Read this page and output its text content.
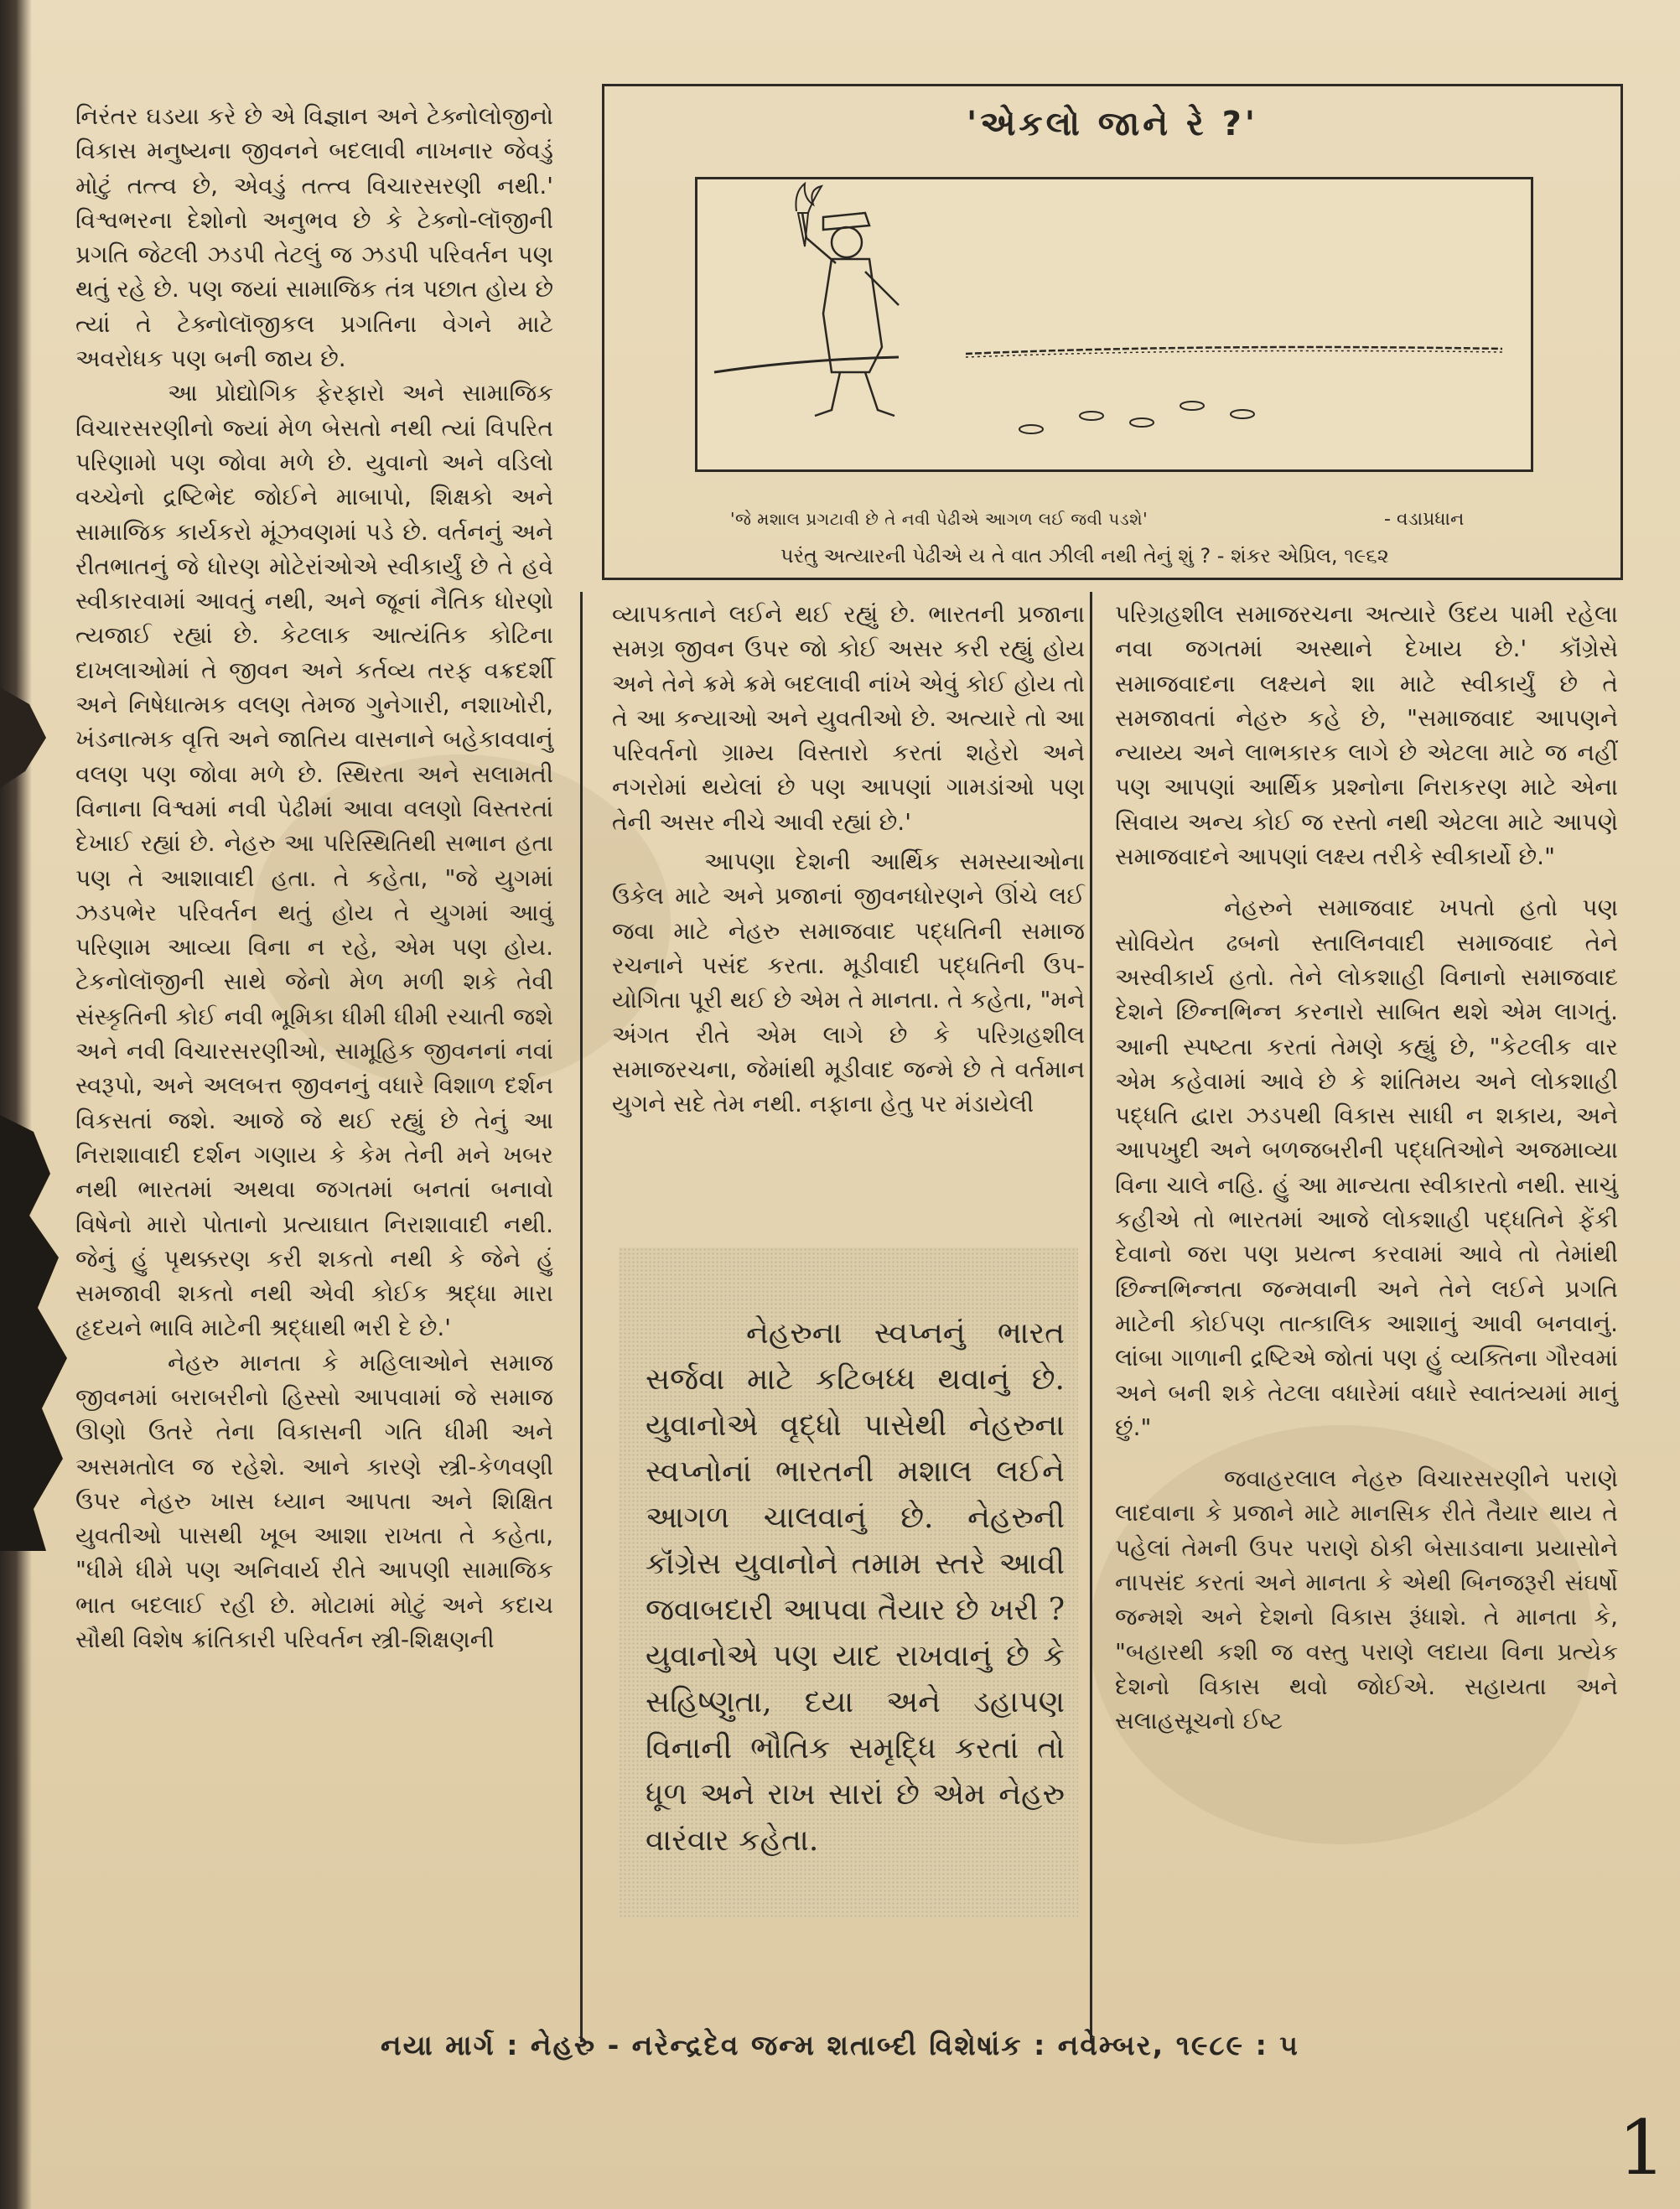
નિરંતર ઘડયા કરે છે એ વિજ્ઞાન અને ટેક્નોલોજીનો વિકાસ મનુષ્યના જીવનને બદલાવી નાખનાર જેવડું મોટું તત્ત્વ છે, એવડું તત્ત્વ વિચારસરણી નથી.' વિશ્વભરના દેશોનો અનુભવ છે કે ટેક્નો-લૉજીની પ્રગતિ જેટલી ઝડપી તેટલું જ ઝડપી પરિવર્તન પણ થતું રહે છે. પણ જયાં સામાજિક તંત્ર પછાત હોય છે ત્યાં તે ટેક્નોલૉજીકલ પ્રગતિના વેગને માટે અવરોધક પણ બની જાય છે.

આ પ્રોદ્યોગિક ફેરફારો અને સામાજિક વિચારસરણીનો જ્યાં મેળ બેસતો નથી ત્યાં વિપરિત પરિણામો પણ જોવા મળે છે. યુવાનો અને વડિલો વચ્ચેનો દ્રષ્ટિભેદ જોઈને માબાપો, શિક્ષકો અને સામાજિક કાર્યકરો મૂંઝવણમાં પડે છે. વર્તનનું અને રીતભાતનું જે ધોરણ મોટેરાંઓએ સ્વીકાર્યું છે તે હવે સ્વીકારવામાં આવતું નથી, અને જૂનાં નૈતિક ધોરણો ત્યજાઈ રહ્યાં છે. કેટલાક આત્યંતિક કોટિના દાખલાઓમાં તે જીવન અને કર્તવ્ય તરફ વક્રદર્શી અને નિષેધાત્મક વલણ તેમજ ગુનેગારી, નશાખોરી, ખંડનાત્મક વૃત્તિ અને જાતિય વાસનાને બહેકાવવાનું વલણ પણ જોવા મળે છે. સ્થિરતા અને સલામતી વિનાના વિશ્વમાં નવી પેઢીમાં આવા વલણો વિસ્તરતાં દેખાઈ રહ્યાં છે. નેહરુ આ પરિસ્થિતિથી સભાન હતા પણ તે આશાવાદી હતા. તે કહેતા, "જે યુગમાં ઝડપભેર પરિવર્તન થતું હોય તે યુગમાં આવું પરિણામ આવ્યા વિના ન રહે, એમ પણ હોય. ટેકનોલૉજીની સાથે જેનો મેળ મળી શકે તેવી સંસ્કૃતિની કોઈ નવી ભૂમિકા ધીમી ધીમી રચાતી જશે અને નવી વિચારસરણીઓ, સામૂહિક જીવનનાં નવાં સ્વરૂપો, અને અલબત્ત જીવનનું વધારે વિશાળ દર્શન વિકસતાં જશે. આજે જે થઈ રહ્યું છે તેનું આ નિરાશાવાદી દર્શન ગણાય કે કેમ તેની મને ખબર નથી ભારતમાં અથવા જગતમાં બનતાં બનાવો વિષેનો મારો પોતાનો પ્રત્યાઘાત નિરાશાવાદી નથી. જેનું હું પૃથક્કરણ કરી શકતો નથી કે જેને હું સમજાવી શકતો નથી એવી કોઈક શ્રદ્ધા મારા હૃદયને ભાવિ માટેની શ્રદ્ધાથી ભરી દે છે.'

નેહરુ માનતા કે મહિલાઓને સમાજ જીવનમાં બરાબરીનો હિસ્સો આપવામાં જે સમાજ ઊણો ઉતરે તેના વિકાસની ગતિ ધીમી અને અસમતોલ જ રહેશે. આને કારણે સ્ત્રી-કેળવણી ઉપર નેહરુ ખાસ ધ્યાન આપતા અને શિક્ષિત યુવતીઓ પાસથી ખૂબ આશા રાખતા તે કહેતા, "ધીમે ધીમે પણ અનિવાર્ય રીતે આપણી સામાજિક ભાત બદલાઈ રહી છે. મોટામાં મોટું અને કદાચ સૌથી વિશેષ ક્રાંતિકારી પરિવર્તન સ્ત્રી-શિક્ષણની

'એકલો જાને રે ?'
'જે મશાલ પ્રગટાવી છે તે નવી પેઢીએ આગળ લઈ જવી પડશે'	- વડાપ્રધાન
પરંતુ અત્યારની પેઢીએ ય તે વાત ઝીલી નથી તેનું શું ? - શંકર એપ્રિલ, ૧૯૬૨

વ્યાપકતાને લઈને થઈ રહ્યું છે. ભારતની પ્રજાના સમગ્ર જીવન ઉપર જો કોઈ અસર કરી રહ્યું હોય અને તેને ક્રમે ક્રમે બદલાવી નાંખે એવું કોઈ હોય તો તે આ કન્યાઓ અને યુવતીઓ છે. અત્યારે તો આ પરિવર્તનો ગ્રામ્ય વિસ્તારો કરતાં શહેરો અને નગરોમાં થયેલાં છે પણ આપણાં ગામડાંઓ પણ તેની અસર નીચે આવી રહ્યાં છે.'

આપણા દેશની આર્થિક સમસ્યાઓના ઉકેલ માટે અને પ્રજાનાં જીવનધોરણને ઊંચે લઈ જવા માટે નેહરુ સમાજવાદ પદ્ધતિની સમાજ રચનાને પસંદ કરતા. મૂડીવાદી પદ્ધતિની ઉપ-યોગિતા પૂરી થઈ છે એમ તે માનતા. તે કહેતા, "મને અંગત રીતે એમ લાગે છે કે પરિગ્રહશીલ સમાજરચના, જેમાંથી મૂડીવાદ જન્મે છે તે વર્તમાન યુગને સદે તેમ નથી. નફાના હેતુ પર મંડાયેલી

નેહરુના સ્વપ્નનું ભારત સર્જવા માટે કટિબધ્ધ થવાનું છે. યુવાનોએ વૃદ્ધો પાસેથી નેહરુના સ્વપ્નોનાં ભારતની મશાલ લઈને આગળ ચાલવાનું છે. નેહરુની કૉંગ્રેસ યુવાનોને તમામ સ્તરે આવી જવાબદારી આપવા તૈયાર છે ખરી ? યુવાનોએ પણ યાદ રાખવાનું છે કે સહિષ્ણુતા, દયા અને ડહાપણ વિનાની ભૌતિક સમૃદ્ધિ કરતાં તો ધૂળ અને રાખ સારાં છે એમ નેહરુ વારંવાર કહેતા.

પરિગ્રહશીલ સમાજરચના અત્યારે ઉદય પામી રહેલા નવા જગતમાં અસ્થાને દેખાય છે.' કૉંગ્રેસે સમાજવાદના લક્ષ્યને શા માટે સ્વીકાર્યું છે તે સમજાવતાં નેહરુ કહે છે, "સમાજવાદ આપણને ન્યાય્ય અને લાભકારક લાગે છે એટલા માટે જ નહીં પણ આપણાં આર્થિક પ્રશ્નોના નિરાકરણ માટે એના સિવાય અન્ય કોઈ જ રસ્તો નથી એટલા માટે આપણે સમાજવાદને આપણાં લક્ષ્ય તરીકે સ્વીકાર્યો છે."

નેહરુને સમાજવાદ ખપતો હતો પણ સોવિયેત ઢબનો સ્તાલિનવાદી સમાજવાદ તેને અસ્વીકાર્ય હતો. તેને લોકશાહી વિનાનો સમાજવાદ દેશને છિન્નભિન્ન કરનારો સાબિત થશે એમ લાગતું. આની સ્પષ્ટતા કરતાં તેમણે કહ્યું છે, "કેટલીક વાર એમ કહેવામાં આવે છે કે શાંતિમય અને લોકશાહી પદ્ધતિ દ્વારા ઝડપથી વિકાસ સાધી ન શકાય, અને આપખુદી અને બળજબરીની પદ્ધતિઓને અજમાવ્યા વિના ચાલે નહિ. હું આ માન્યતા સ્વીકારતો નથી. સાચું કહીએ તો ભારતમાં આજે લોકશાહી પદ્ધતિને ફેંકી દેવાનો જરા પણ પ્રયત્ન કરવામાં આવે તો તેમાંથી છિન્નભિન્નતા જન્મવાની અને તેને લઈને પ્રગતિ માટેની કોઈપણ તાત્કાલિક આશાનું આવી બનવાનું. લાંબા ગાળાની દ્રષ્ટિએ જોતાં પણ હું વ્યક્તિના ગૌરવમાં અને બની શકે તેટલા વધારેમાં વધારે સ્વાતંત્ર્યમાં માનું છું."

જવાહરલાલ નેહરુ વિચારસરણીને પરાણે લાદવાના કે પ્રજાને માટે માનસિક રીતે તૈયાર થાય તે પહેલાં તેમની ઉપર પરાણે ઠોકી બેસાડવાના પ્રયાસોને નાપસંદ કરતાં અને માનતા કે એથી બિનજરૂરી સંઘર્ષો જન્મશે અને દેશનો વિકાસ રૂંધાશે. તે માનતા કે, "બહારથી કશી જ વસ્તુ પરાણે લદાયા વિના પ્રત્યેક દેશનો વિકાસ થવો જોઈએ. સહાયતા અને સલાહસૂચનો ઈષ્ટ

નયા માર્ગ : નેહરુ - નરેન્દ્રદેવ જન્મ શતાબ્દી વિશેષાંક : નવેમ્બર, ૧૯૮૯ : ૫
1
